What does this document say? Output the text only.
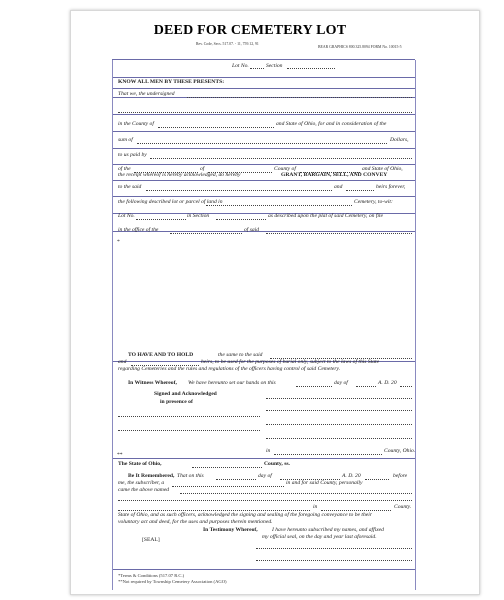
DEED FOR CEMETERY LOT
Rev. Code, Secs. 517.07. - 11, 759.12, 91
BEAR GRAPHICS 800.325.8094 FORM No. 10015-5
Lot No.	Section
KNOW ALL MEN BY THESE PRESENTS:
That we, the undersigned
in the County of	and State of Ohio, for and in consideration of the
sum of	Dollars,
to us paid by
of the	of	County of	and State of Ohio,
the receipt whereof is hereby acknowledged, do hereby	GRANT, BARGAIN, SELL, AND CONVEY
to the said	and	heirs forever,
the following described lot or parcel of land in	Cemetery, to-wit:
Lot No.	in Section	as described upon the plat of said Cemetery, on file
in the office of the	of said
*
TO HAVE AND TO HOLD	the same to the said
and	heirs, to be used for the purposes of burial only, subject to the laws of this State
regarding Cemeteries and the rules and regulations of the officers having control of said Cemetery.
In Witness Whereof, We have hereunto set our hands on this	day of	A. D. 20
Signed and Acknowledged
in presence of
in	County, Ohio.
**
The State of Ohio,	County, ss.
Be It Remembered, That on this	day of	A. D. 20	before
me, the subscriber, a	in and for said County, personally
came the above named
in	County.
State of Ohio, and as such officers, acknowledged the signing and sealing of the foregoing conveyance to be their
voluntary act and deed, for the uses and purposes therein mentioned.
In Testimony Whereof,	I have hereunto subscribed my names, and affixed
my official seal, on the day and year last aforesaid.
[SEAL]
*Terms & Conditions (517.07 R.C.)
**Not required by Township Cemetery Association (AGO)
